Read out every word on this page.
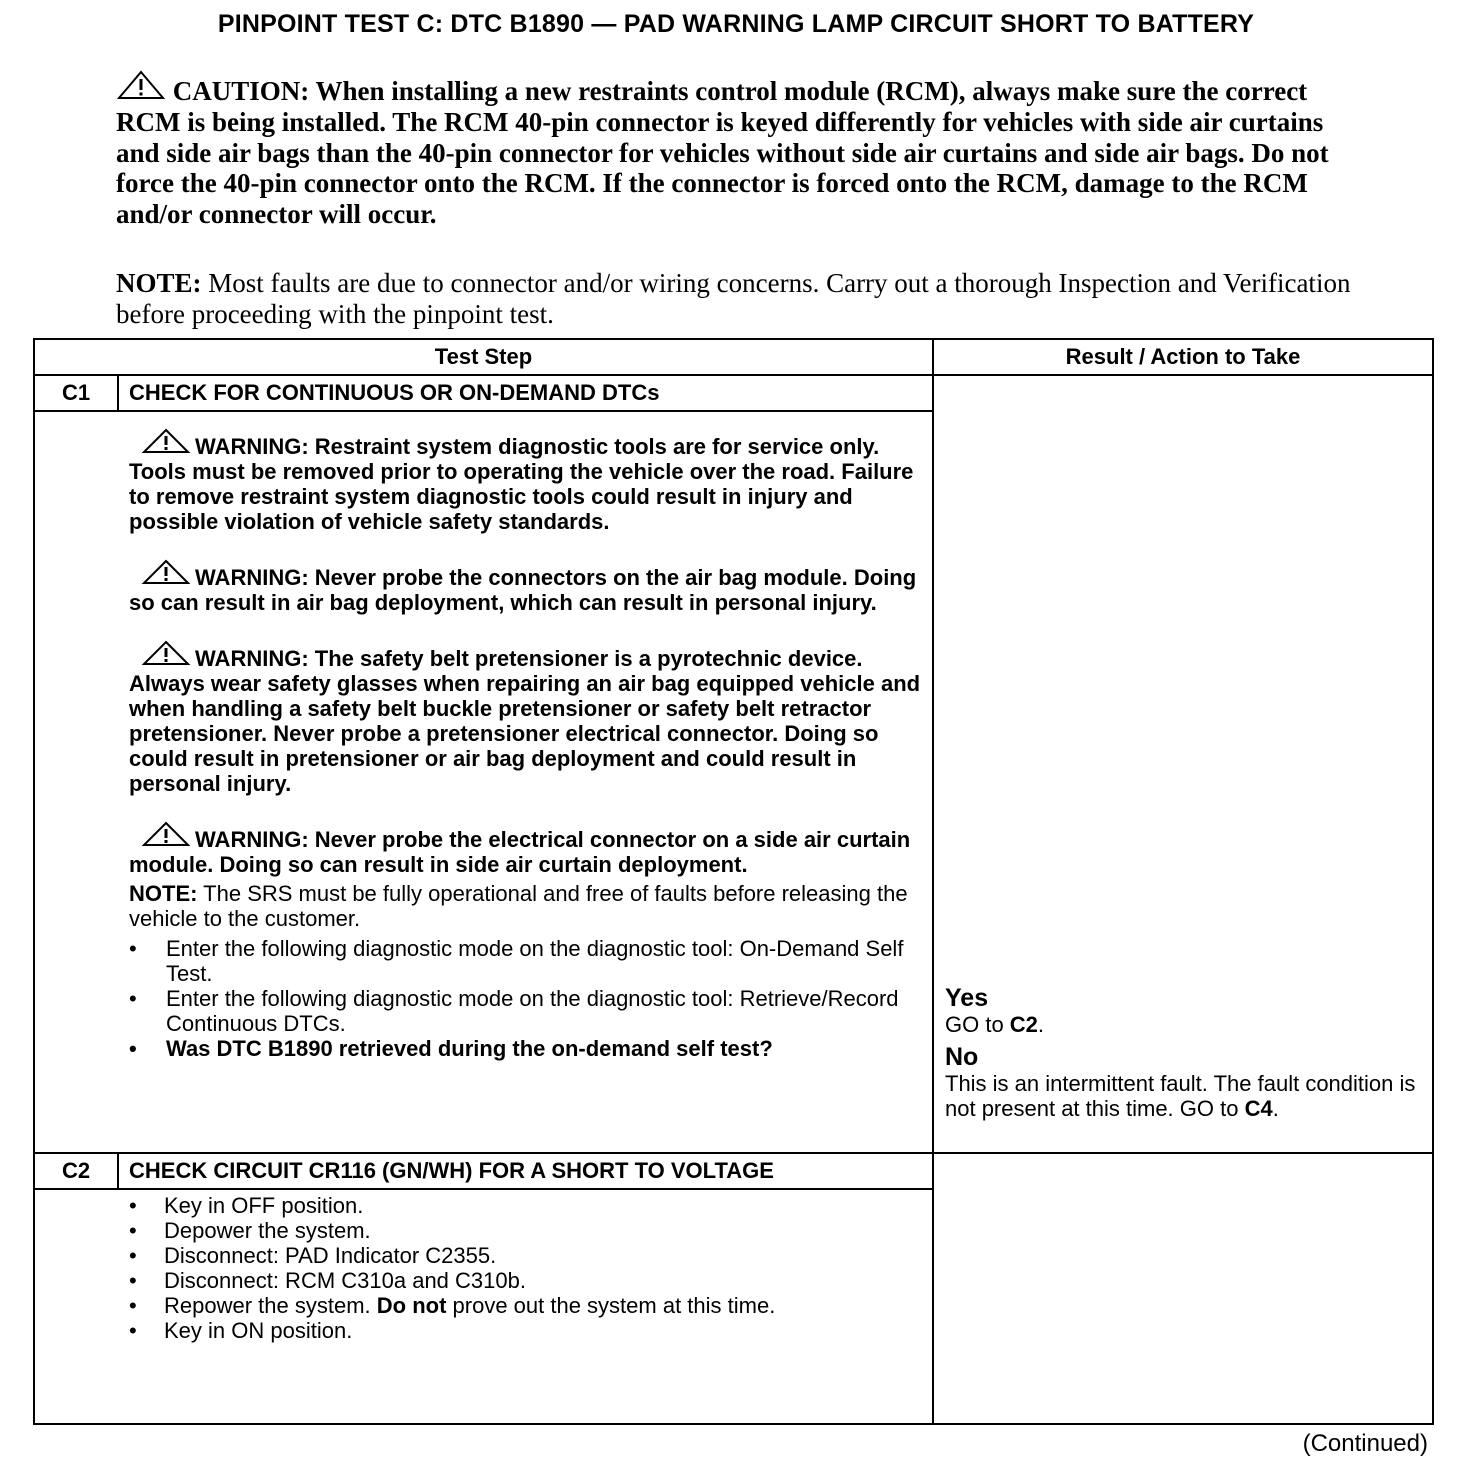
PINPOINT TEST C: DTC B1890 — PAD WARNING LAMP CIRCUIT SHORT TO BATTERY
CAUTION: When installing a new restraints control module (RCM), always make sure the correct RCM is being installed. The RCM 40-pin connector is keyed differently for vehicles with side air curtains and side air bags than the 40-pin connector for vehicles without side air curtains and side air bags. Do not force the 40-pin connector onto the RCM. If the connector is forced onto the RCM, damage to the RCM and/or connector will occur.
NOTE: Most faults are due to connector and/or wiring concerns. Carry out a thorough Inspection and Verification before proceeding with the pinpoint test.
Test Step	Result / Action to Take
C1	CHECK FOR CONTINUOUS OR ON-DEMAND DTCs
WARNING: Restraint system diagnostic tools are for service only. Tools must be removed prior to operating the vehicle over the road. Failure to remove restraint system diagnostic tools could result in injury and possible violation of vehicle safety standards.
WARNING: Never probe the connectors on the air bag module. Doing so can result in air bag deployment, which can result in personal injury.
WARNING: The safety belt pretensioner is a pyrotechnic device. Always wear safety glasses when repairing an air bag equipped vehicle and when handling a safety belt buckle pretensioner or safety belt retractor pretensioner. Never probe a pretensioner electrical connector. Doing so could result in pretensioner or air bag deployment and could result in personal injury.
WARNING: Never probe the electrical connector on a side air curtain module. Doing so can result in side air curtain deployment.
NOTE: The SRS must be fully operational and free of faults before releasing the vehicle to the customer.
• Enter the following diagnostic mode on the diagnostic tool: On-Demand Self Test.
• Enter the following diagnostic mode on the diagnostic tool: Retrieve/Record Continuous DTCs.
• Was DTC B1890 retrieved during the on-demand self test?
Yes
GO to C2.
No
This is an intermittent fault. The fault condition is not present at this time. GO to C4.
C2	CHECK CIRCUIT CR116 (GN/WH) FOR A SHORT TO VOLTAGE
• Key in OFF position.
• Depower the system.
• Disconnect: PAD Indicator C2355.
• Disconnect: RCM C310a and C310b.
• Repower the system. Do not prove out the system at this time.
• Key in ON position.
(Continued)
